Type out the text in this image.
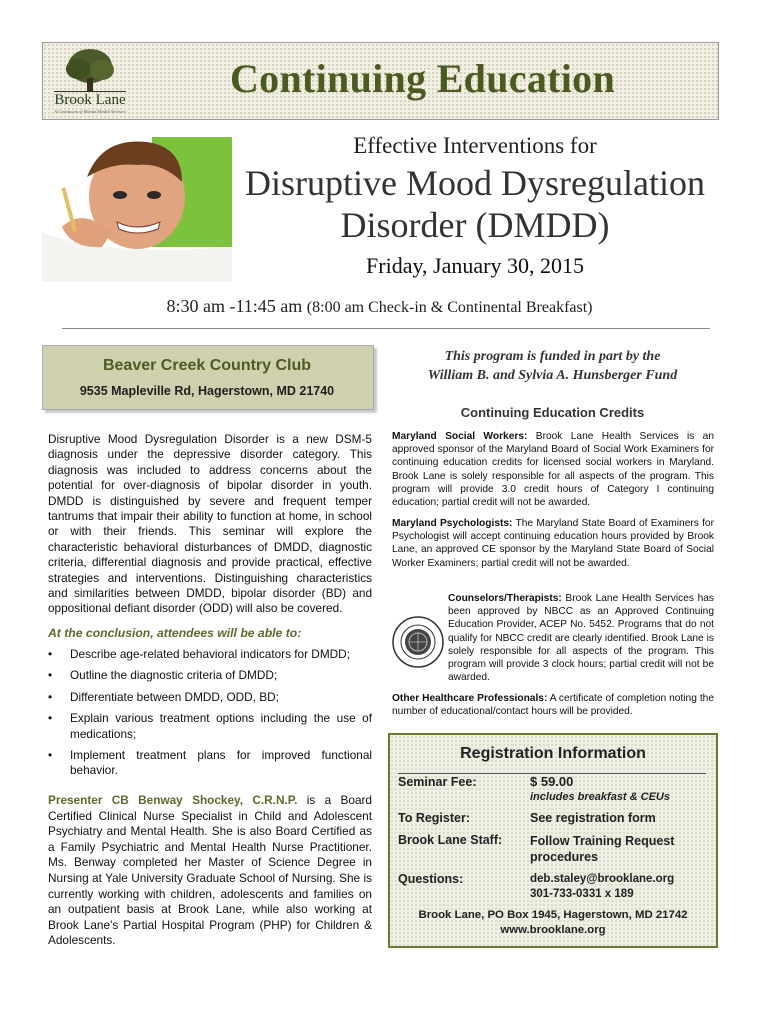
Brook Lane
A Continuum of Mental Health Services
Continuing Education
Effective Interventions for
Disruptive Mood Dysregulation
Disorder (DMDD)
Friday, January 30, 2015
8:30 am -11:45 am (8:00 am Check-in & Continental Breakfast)
Beaver Creek Country Club
9535 Mapleville Rd, Hagerstown, MD 21740
This program is funded in part by the
William B. and Sylvia A. Hunsberger Fund
Continuing Education Credits
Disruptive Mood Dysregulation Disorder is a new DSM-5 diagnosis under the depressive disorder category. This diagnosis was included to address concerns about the potential for over-diagnosis of bipolar disorder in youth. DMDD is distinguished by severe and frequent temper tantrums that impair their ability to function at home, in school or with their friends. This seminar will explore the characteristic behavioral disturbances of DMDD, diagnostic criteria, differential diagnosis and provide practical, effective strategies and interventions. Distinguishing characteristics and similarities between DMDD, bipolar disorder (BD) and oppositional defiant disorder (ODD) will also be covered.
At the conclusion, attendees will be able to:
• Describe age-related behavioral indicators for DMDD;
• Outline the diagnostic criteria of DMDD;
• Differentiate between DMDD, ODD, BD;
• Explain various treatment options including the use of medications;
• Implement treatment plans for improved functional behavior.
Presenter CB Benway Shockey, C.R.N.P. is a Board Certified Clinical Nurse Specialist in Child and Adolescent Psychiatry and Mental Health. She is also Board Certified as a Family Psychiatric and Mental Health Nurse Practitioner. Ms. Benway completed her Master of Science Degree in Nursing at Yale University Graduate School of Nursing. She is currently working with children, adolescents and families on an outpatient basis at Brook Lane, while also working at Brook Lane’s Partial Hospital Program (PHP) for Children & Adolescents.
Maryland Social Workers: Brook Lane Health Services is an approved sponsor of the Maryland Board of Social Work Examiners for continuing education credits for licensed social workers in Maryland. Brook Lane is solely responsible for all aspects of the program. This program will provide 3.0 credit hours of Category I continuing education; partial credit will not be awarded.
Maryland Psychologists: The Maryland State Board of Examiners for Psychologist will accept continuing education hours provided by Brook Lane, an approved CE sponsor by the Maryland State Board of Social Worker Examiners; partial credit will not be awarded.
Counselors/Therapists: Brook Lane Health Services has been approved by NBCC as an Approved Continuing Education Provider, ACEP No. 5452. Programs that do not qualify for NBCC credit are clearly identified. Brook Lane is solely responsible for all aspects of the program. This program will provide 3 clock hours; partial credit will not be awarded.
Other Healthcare Professionals: A certificate of completion noting the number of educational/contact hours will be provided.
Registration Information
Seminar Fee:	$ 59.00
includes breakfast & CEUs
To Register:	See registration form
Brook Lane Staff: Follow Training Request
procedures
Questions:	deb.staley@brooklane.org
301-733-0331 x 189
Brook Lane, PO Box 1945, Hagerstown, MD 21742
www.brooklane.org
